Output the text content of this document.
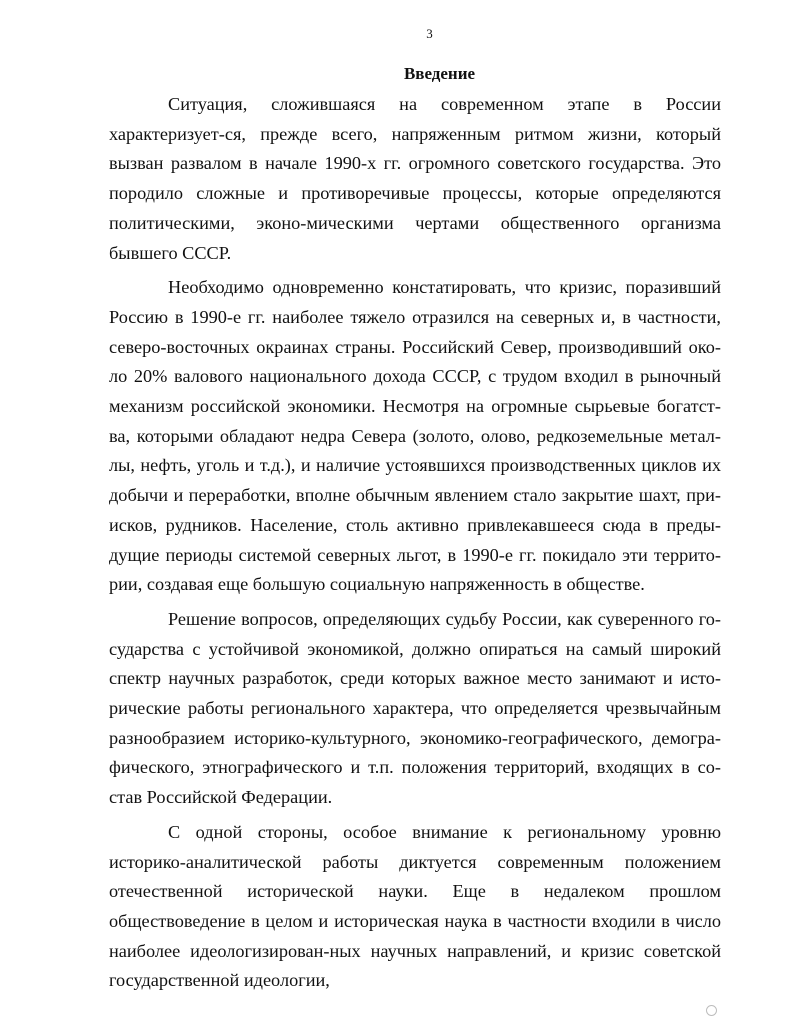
3
Введение

Ситуация, сложившаяся на современном этапе в России характеризует-ся, прежде всего, напряженным ритмом жизни, который вызван развалом в начале 1990-х гг. огромного советского государства. Это породило сложные и противоречивые процессы, которые определяются политическими, эконо-мическими чертами общественного организма бывшего СССР.

Необходимо одновременно констатировать, что кризис, поразивший Россию в 1990-е гг. наиболее тяжело отразился на северных и, в частности, северо-восточных окраинах страны. Российский Север, производивший око-ло 20% валового национального дохода СССР, с трудом входил в рыночный механизм российской экономики. Несмотря на огромные сырьевые богатст-ва, которыми обладают недра Севера (золото, олово, редкоземельные метал-лы, нефть, уголь и т.д.), и наличие устоявшихся производственных циклов их добычи и переработки, вполне обычным явлением стало закрытие шахт, при-исков, рудников. Население, столь активно привлекавшееся сюда в преды-дущие периоды системой северных льгот, в 1990-е гг. покидало эти террито-рии, создавая еще большую социальную напряженность в обществе.

Решение вопросов, определяющих судьбу России, как суверенного го-сударства с устойчивой экономикой, должно опираться на самый широкий спектр научных разработок, среди которых важное место занимают и исто-рические работы регионального характера, что определяется чрезвычайным разнообразием историко-культурного, экономико-географического, демогра-фического, этнографического и т.п. положения территорий, входящих в со-став Российской Федерации.

С одной стороны, особое внимание к региональному уровню историко-аналитической работы диктуется современным положением отечественной исторической науки. Еще в недалеком прошлом обществоведение в целом и историческая наука в частности входили в число наиболее идеологизирован-ных научных направлений, и кризис советской государственной идеологии,
